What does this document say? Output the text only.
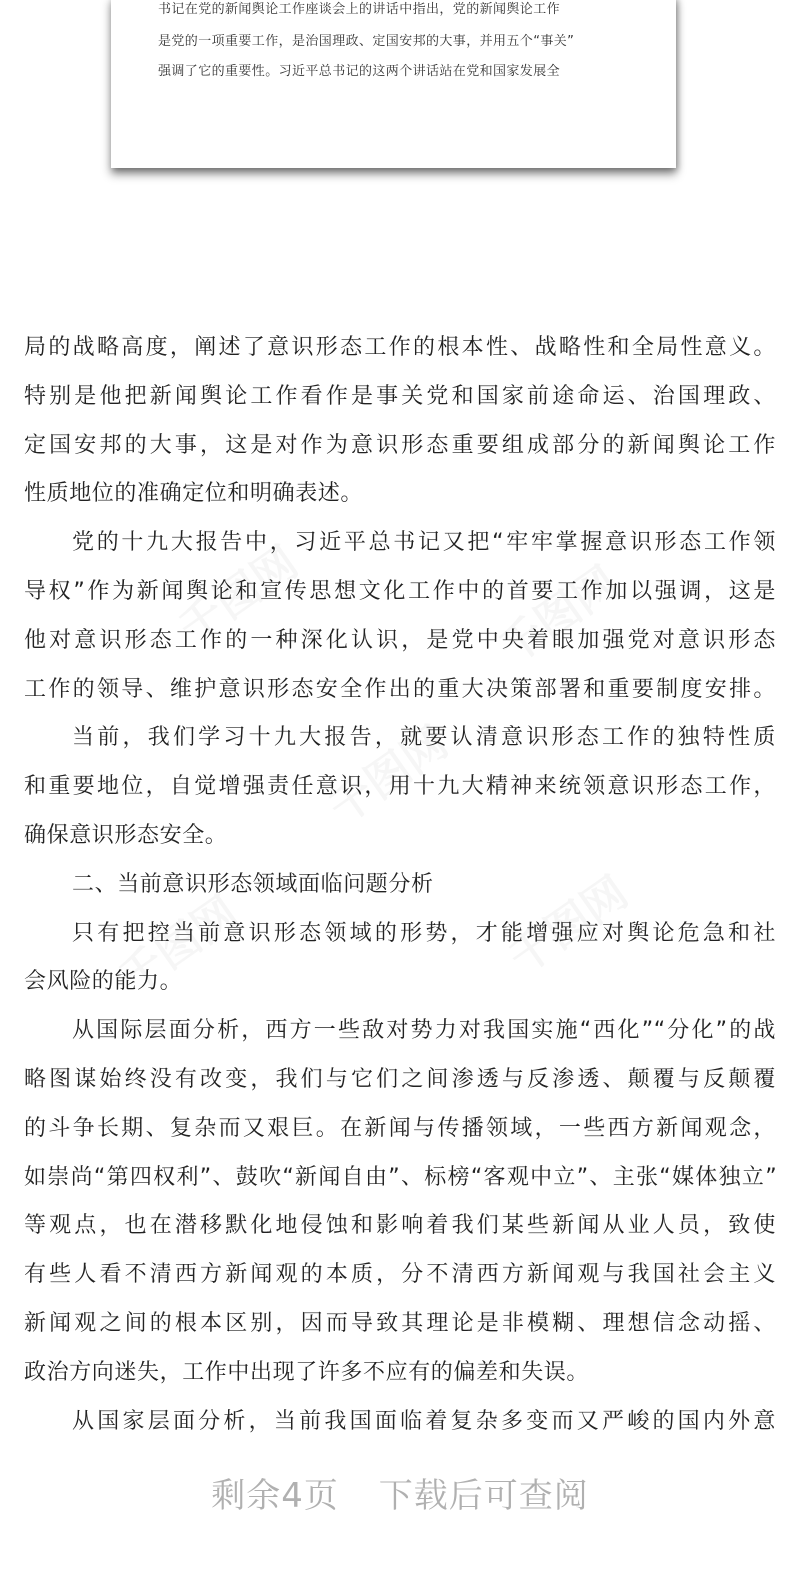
书记在党的新闻舆论工作座谈会上的讲话中指出，党的新闻舆论工作
是党的一项重要工作，是治国理政、定国安邦的大事，并用五个“事关”
强调了它的重要性。习近平总书记的这两个讲话站在党和国家发展全
局的战略高度，阐述了意识形态工作的根本性、战略性和全局性意义。
特别是他把新闻舆论工作看作是事关党和国家前途命运、治国理政、
定国安邦的大事，这是对作为意识形态重要组成部分的新闻舆论工作
性质地位的准确定位和明确表述。
党的十九大报告中，习近平总书记又把“牢牢掌握意识形态工作领
导权”作为新闻舆论和宣传思想文化工作中的首要工作加以强调，这是
他对意识形态工作的一种深化认识，是党中央着眼加强党对意识形态
工作的领导、维护意识形态安全作出的重大决策部署和重要制度安排。
当前，我们学习十九大报告，就要认清意识形态工作的独特性质
和重要地位，自觉增强责任意识，用十九大精神来统领意识形态工作，
确保意识形态安全。
二、当前意识形态领域面临问题分析
只有把控当前意识形态领域的形势，才能增强应对舆论危急和社
会风险的能力。
从国际层面分析，西方一些敌对势力对我国实施“西化”“分化”的战
略图谋始终没有改变，我们与它们之间渗透与反渗透、颠覆与反颠覆
的斗争长期、复杂而又艰巨。在新闻与传播领域，一些西方新闻观念，
如崇尚“第四权利”、鼓吹“新闻自由”、标榜“客观中立”、主张“媒体独立”
等观点，也在潜移默化地侵蚀和影响着我们某些新闻从业人员，致使
有些人看不清西方新闻观的本质，分不清西方新闻观与我国社会主义
新闻观之间的根本区别，因而导致其理论是非模糊、理想信念动摇、
政治方向迷失，工作中出现了许多不应有的偏差和失误。
从国家层面分析，当前我国面临着复杂多变而又严峻的国内外意
剩余4页 下载后可查阅
